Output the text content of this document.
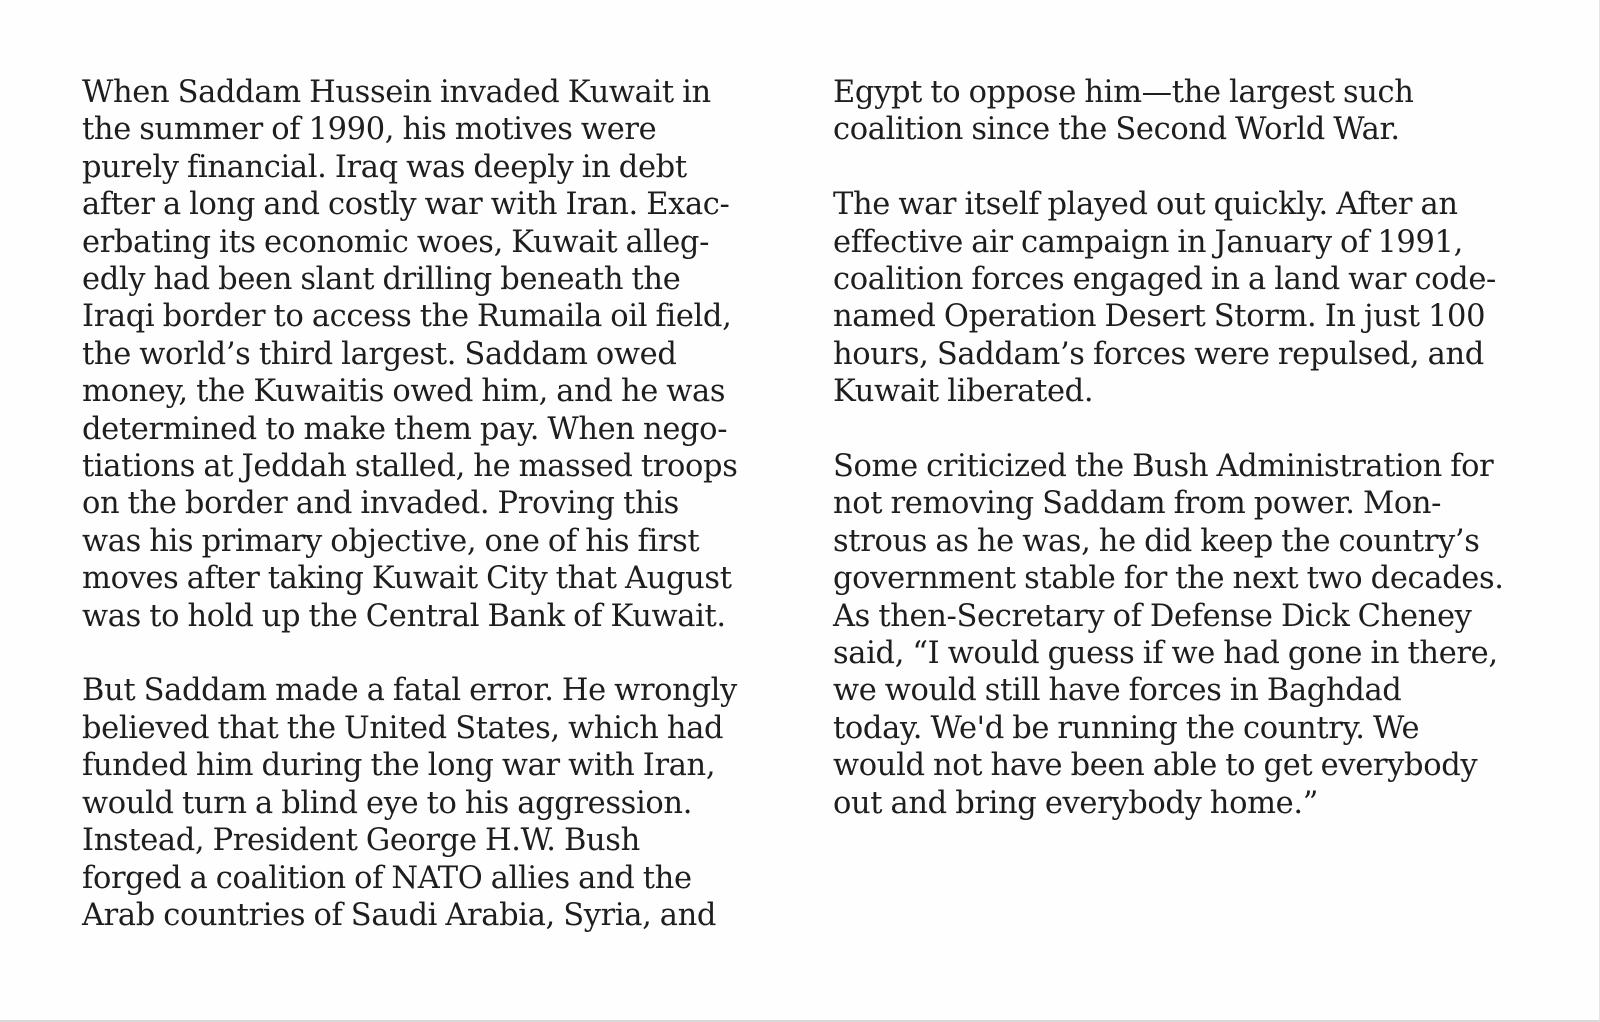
When Saddam Hussein invaded Kuwait in
the summer of 1990, his motives were
purely financial. Iraq was deeply in debt
after a long and costly war with Iran. Exac-
erbating its economic woes, Kuwait alleg-
edly had been slant drilling beneath the
Iraqi border to access the Rumaila oil field,
the world’s third largest. Saddam owed
money, the Kuwaitis owed him, and he was
determined to make them pay. When nego-
tiations at Jeddah stalled, he massed troops
on the border and invaded. Proving this
was his primary objective, one of his first
moves after taking Kuwait City that August
was to hold up the Central Bank of Kuwait.

But Saddam made a fatal error. He wrongly
believed that the United States, which had
funded him during the long war with Iran,
would turn a blind eye to his aggression.
Instead, President George H.W. Bush
forged a coalition of NATO allies and the
Arab countries of Saudi Arabia, Syria, and

Egypt to oppose him—the largest such
coalition since the Second World War.

The war itself played out quickly. After an
effective air campaign in January of 1991,
coalition forces engaged in a land war code-
named Operation Desert Storm. In just 100
hours, Saddam’s forces were repulsed, and
Kuwait liberated.

Some criticized the Bush Administration for
not removing Saddam from power. Mon-
strous as he was, he did keep the country’s
government stable for the next two decades.
As then-Secretary of Defense Dick Cheney
said, “I would guess if we had gone in there,
we would still have forces in Baghdad
today. We'd be running the country. We
would not have been able to get everybody
out and bring everybody home.”
